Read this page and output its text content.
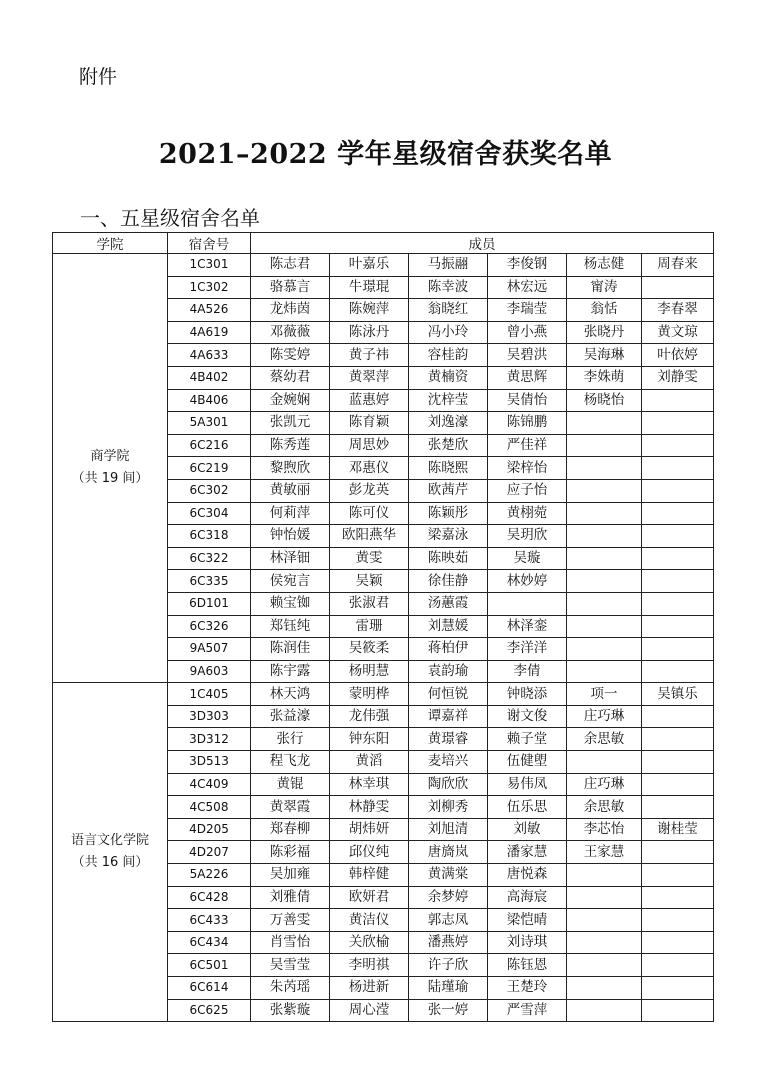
附件
2021–2022 学年星级宿舍获奖名单
一、五星级宿舍名单
学院	宿舍号	成员					

商学院
（共 19 间）	1C301	陈志君	叶嘉乐	马振翮	李俊钢	杨志健	周春来
	1C302	骆慕言	牛璟琨	陈幸波	林宏远	甯涛	
	4A526	龙炜茵	陈婉萍	翁晓红	李瑞莹	翁恬	李春翠
	4A619	邓薇薇	陈泳丹	冯小玲	曾小燕	张晓丹	黄文琼
	4A633	陈雯婷	黄子祎	容桂韵	吴碧洪	吴海琳	叶依婷
	4B402	蔡幼君	黄翠萍	黄楠资	黄思辉	李姝萌	刘静雯
	4B406	金婉娴	蓝惠婷	沈梓莹	吴倩怡	杨晓怡	
	5A301	张凯元	陈育颖	刘逸濠	陈锦鹏		
	6C216	陈秀莲	周思妙	张楚欣	严佳祥		
	6C219	黎煦欣	邓惠仪	陈晓熙	梁梓怡		
	6C302	黄敏丽	彭龙英	欧茜芹	应子怡		
	6C304	何莉萍	陈可仪	陈颖彤	黄栩菀		
	6C318	钟怡媛	欧阳燕华	梁嘉泳	吴玥欣		
	6C322	林泽钿	黄雯	陈映茹	吴璇		
	6C335	侯宛言	吴颖	徐佳静	林妙婷		
	6D101	赖宝铷	张淑君	汤蕙霞			
	6C326	郑钰纯	雷珊	刘慧媛	林泽銮		
	9A507	陈润佳	吴筱柔	蒋柏伊	李洋洋		
	9A603	陈宇露	杨明慧	袁韵瑜	李倩		

语言文化学院
（共 16 间）	1C405	林天鸿	蒙明桦	何恒锐	钟晓添	项一	吴镇乐
	3D303	张益濠	龙伟强	谭嘉祥	谢文俊	庄巧琳	
	3D312	张行	钟东阳	黄璟睿	赖子堂	余思敏	
	3D513	程飞龙	黄滔	麦培兴	伍健塱		
	4C409	黄锟	林幸琪	陶欣欣	易伟凤	庄巧琳	
	4C508	黄翠霞	林静雯	刘柳秀	伍乐思	余思敏	
	4D205	郑春柳	胡炜妍	刘旭清	刘敏	李芯怡	谢桂莹
	4D207	陈彩福	邱仪纯	唐旖岚	潘家慧	王家慧	
	5A226	吴加雍	韩梓健	黄满棠	唐悦森		
	6C428	刘雅倩	欧妍君	余梦婷	高海宸		
	6C433	万善雯	黄洁仪	郭志凤	梁恺晴		
	6C434	肖雪怡	关欣榆	潘燕婷	刘诗琪		
	6C501	吴雪莹	李明祺	许子欣	陈钰恩		
	6C614	朱芮瑶	杨进新	陆瑾瑜	王楚玲		
	6C625	张紫璇	周心滢	张一婷	严雪萍		
